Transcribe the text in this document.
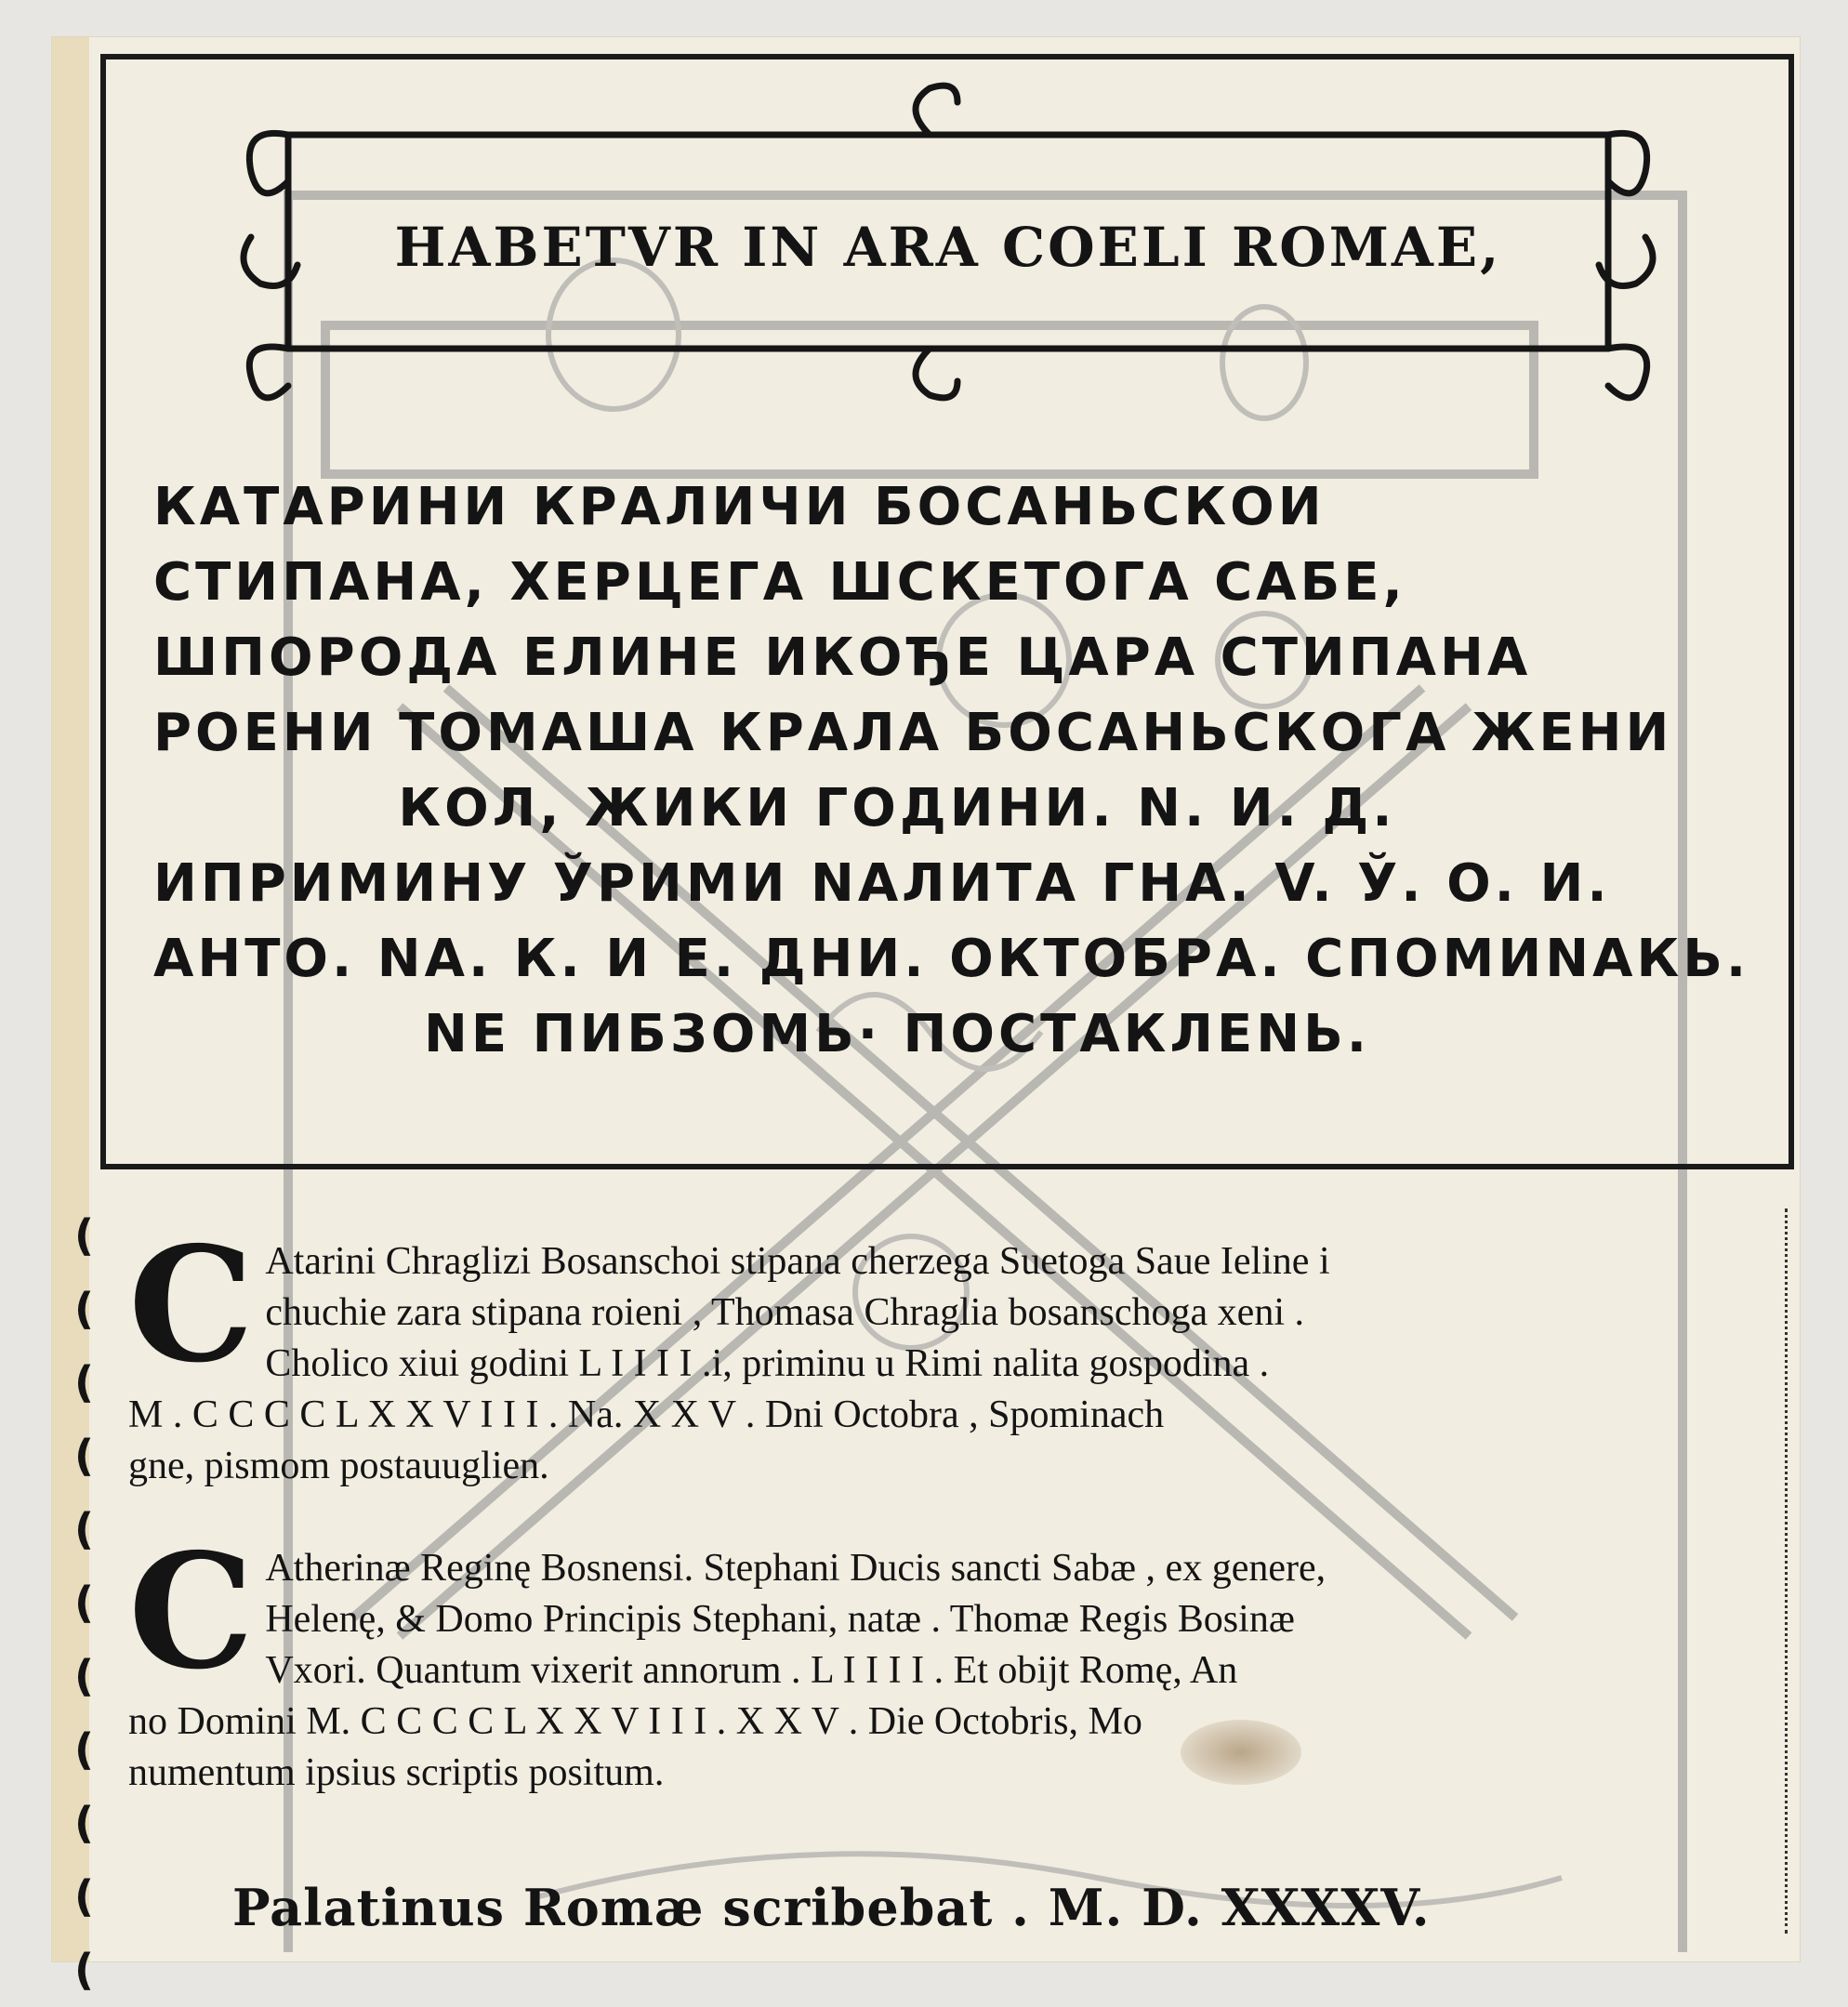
HABETVR IN ARA COELI ROMAE,
КАТАРИНИ КРАЛИЧИ БОСАНЬСКОИ
СТИПАНА, ХЕРЦЕГА ШСКЕТОГА САБЕ,
ШПОРОДА ЕЛИНЕ ИКОЂЕ ЦАРА СТИПАНА
РОЕНИ ТОМАША КРАЛА БОСАНЬСКОГА ЖЕНИ
КОЛ, ЖИКИ ГОДИНИ. Ν. И. Д.
ИПРИМИНУ ЎРИМИ NАЛИТА ГНА. V. Ў. О. И.
АНТО. NА. К. И Е. ДНИ. ОКТОБРА. СПОМИNАКЬ.
NЕ ПИБЗОМЬ· ПОСТАКЛЕNЬ.
C Atarini Chraglizi Bosanschoi stipana cherzega Suetoga Saue Ieline i

chuchie zara stipana roieni , Thomasa Chraglia bosanschoga xeni .

Cholico xiui godini L I I I I .i, priminu u Rimi nalita gospodina .

M . C C C C L X X V I I I . Na. X X V . Dni Octobra , Spominach

gne, pismom postauuglien.

C Atherinæ Reginę Bosnensi. Stephani Ducis sancti Sabæ , ex genere,

Helenę, & Domo Principis Stephani, natæ . Thomæ Regis Bosinæ

Vxori. Quantum vixerit annorum . L I I I I . Et obijt Romę, An

no Domini M. C C C C L X X V I I I . X X V . Die Octobris, Mo

numentum ipsius scriptis positum.

(
(
(
(
(
(
(
(
(
(
(
Palatinus Romæ scribebat . M. D. XXXXV.
